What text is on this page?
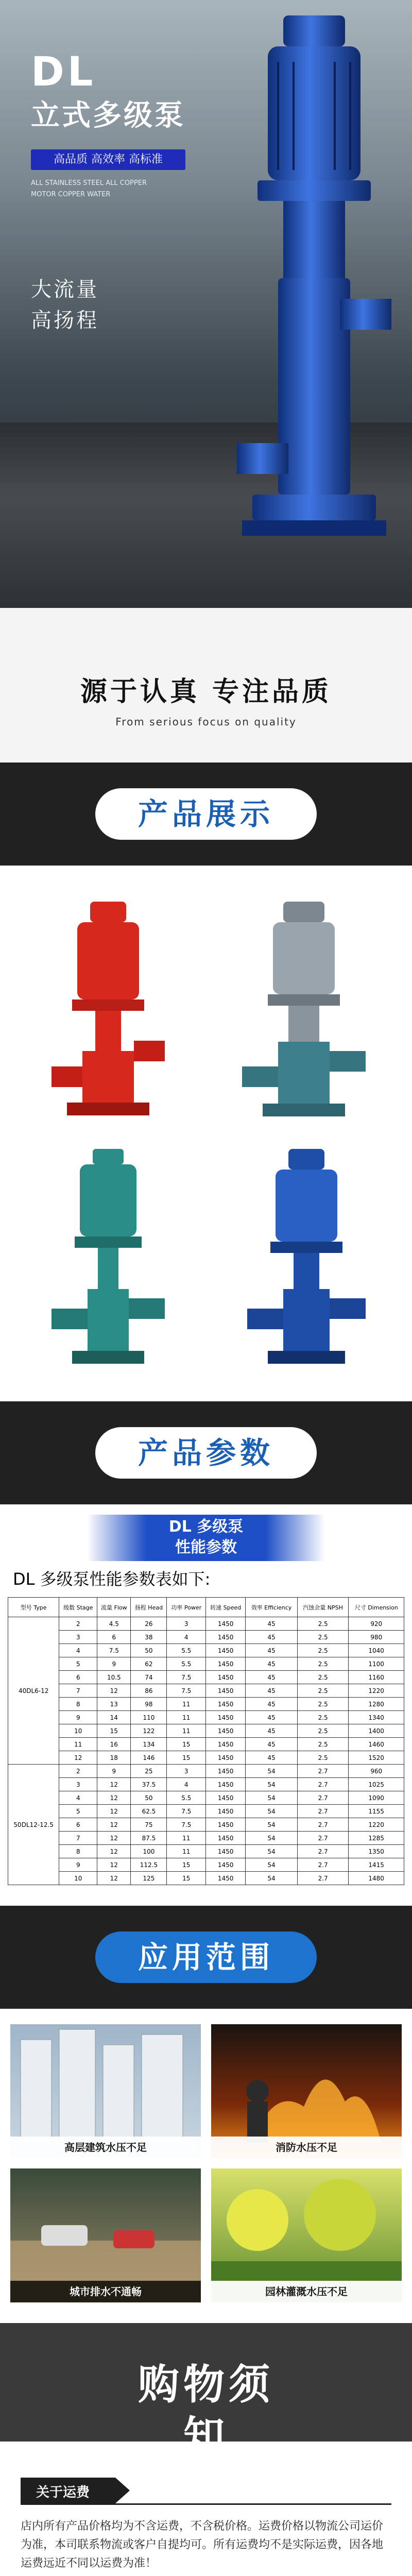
DL
立式多级泵
高品质 高效率 高标准
ALL STAINLESS STEEL ALL COPPER
MOTOR COPPER WATER
大流量
高扬程
源于认真 专注品质
From serious focus on quality
产品展示
产品参数
DL 多级泵
性能参数
DL 多级泵性能参数表如下:
型号 Type	级数 Stage	流量 Flow	扬程 Head	功率 Power	转速 Speed	效率 Efficiency	汽蚀余量 NPSH	尺寸 Dimension
40DL6-12	2	4.5	26	3	1450	45	2.5	920
	3	6	38	4	1450	45	2.5	980
	4	7.5	50	5.5	1450	45	2.5	1040
	5	9	62	5.5	1450	45	2.5	1100
	6	10.5	74	7.5	1450	45	2.5	1160
	7	12	86	7.5	1450	45	2.5	1220
	8	13	98	11	1450	45	2.5	1280
	9	14	110	11	1450	45	2.5	1340
	10	15	122	11	1450	45	2.5	1400
	11	16	134	15	1450	45	2.5	1460
	12	18	146	15	1450	45	2.5	1520
50DL12-12.5	2	9	25	3	1450	54	2.7	960
	3	12	37.5	4	1450	54	2.7	1025
	4	12	50	5.5	1450	54	2.7	1090
	5	12	62.5	7.5	1450	54	2.7	1155
	6	12	75	7.5	1450	54	2.7	1220
	7	12	87.5	11	1450	54	2.7	1285
	8	12	100	11	1450	54	2.7	1350
	9	12	112.5	15	1450	54	2.7	1415
	10	12	125	15	1450	54	2.7	1480
应用范围
高层建筑水压不足	消防水压不足
城市排水不通畅	园林灌溉水压不足
购物须知
关于运费

店内所有产品价格均为不含运费，不含税价格。运费价格以物流公司运价为准，本司联系物流或客户自提均可。所有运费均不是实际运费，因各地运费远近不同以运费为准！
